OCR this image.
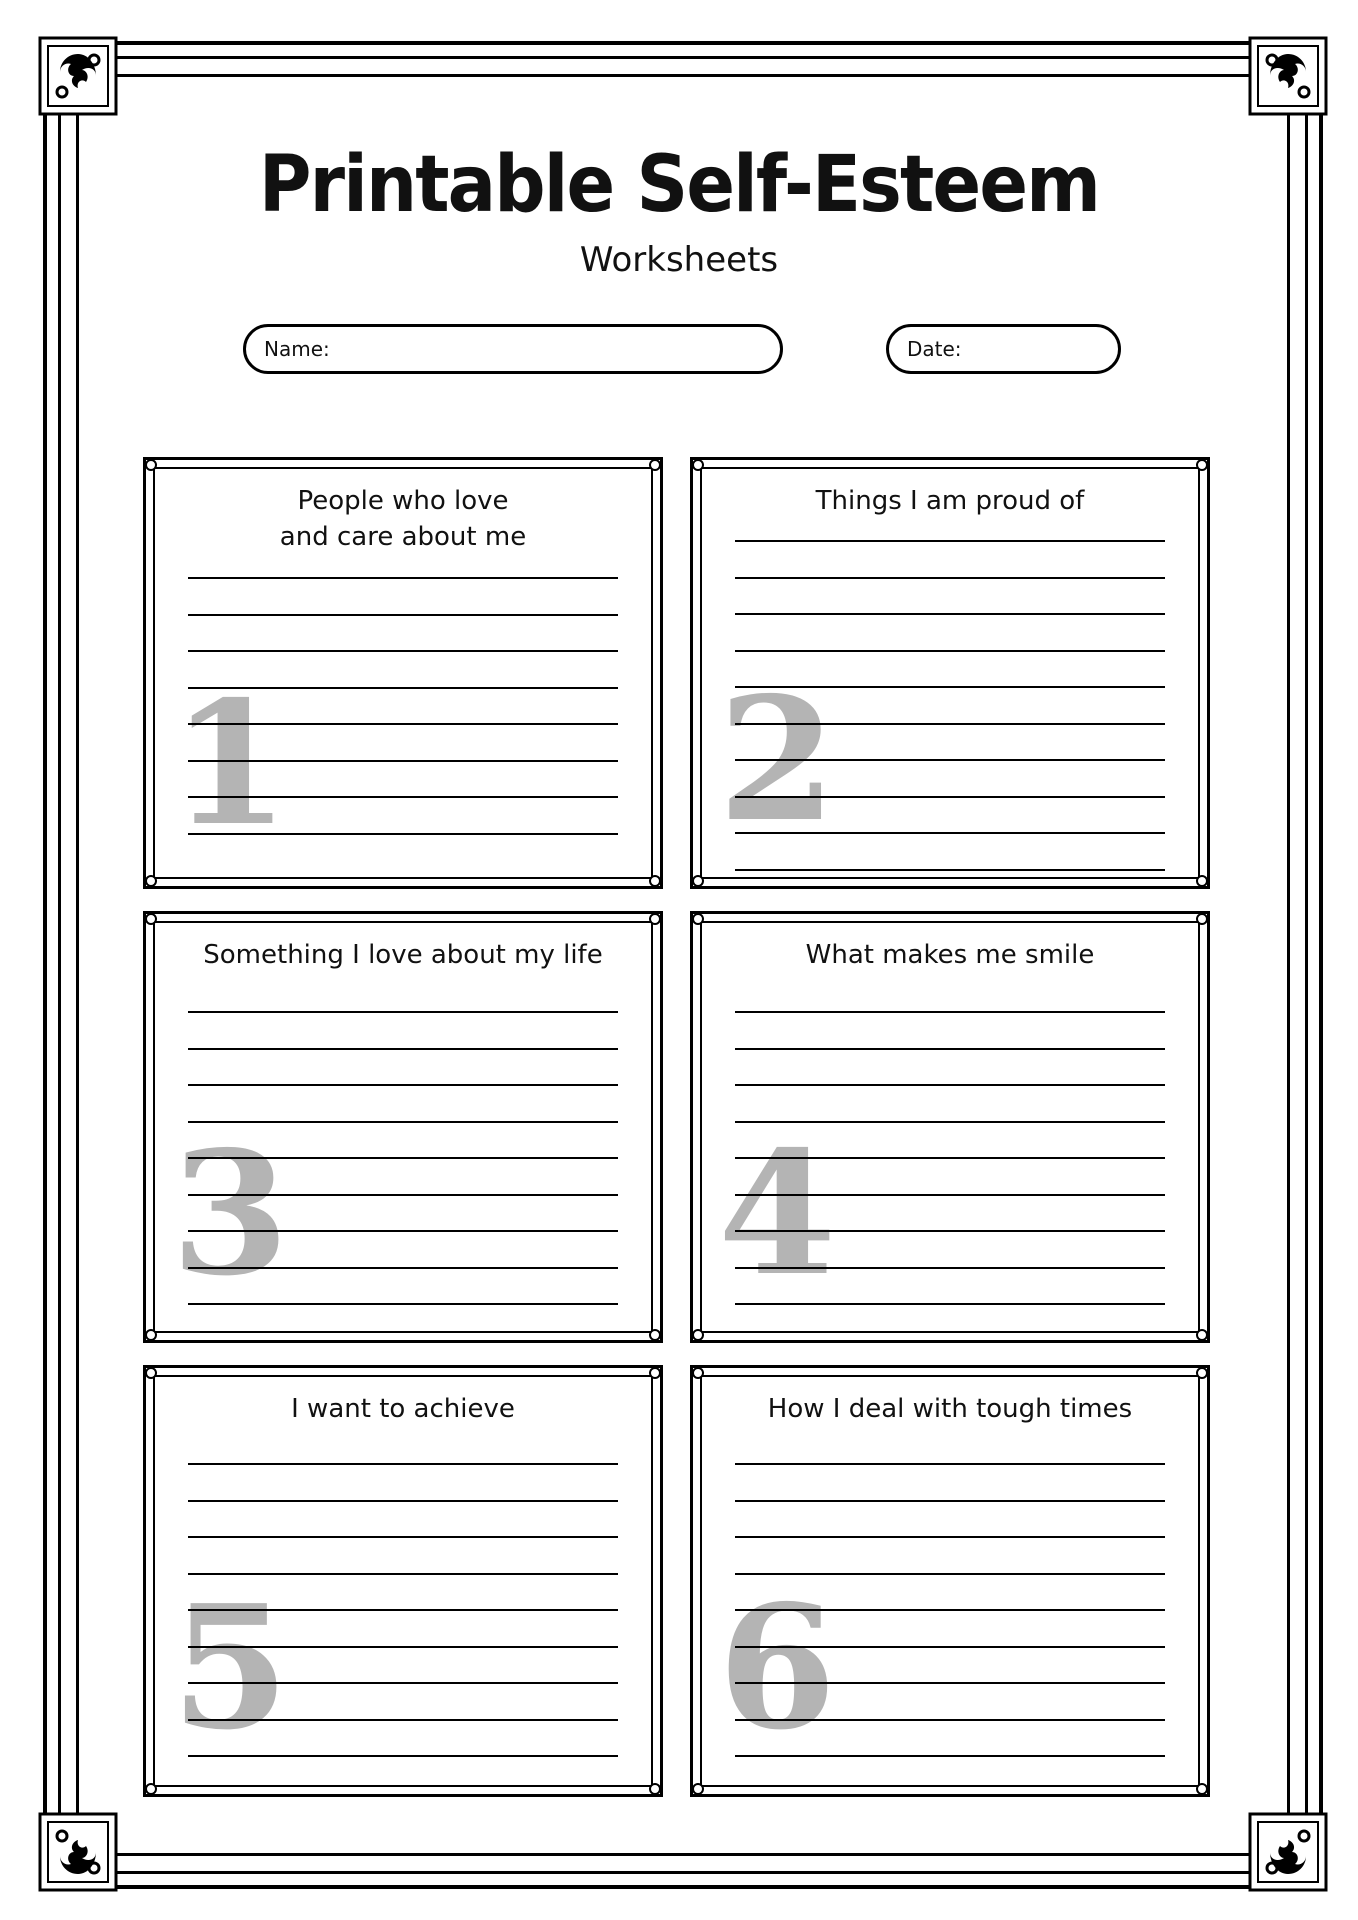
Printable Self-Esteem
Worksheets
Name:	Date:
1
People who love
and care about me
2
Things I am proud of
3
Something I love about my life
4
What makes me smile
5
I want to achieve
6
How I deal with tough times
